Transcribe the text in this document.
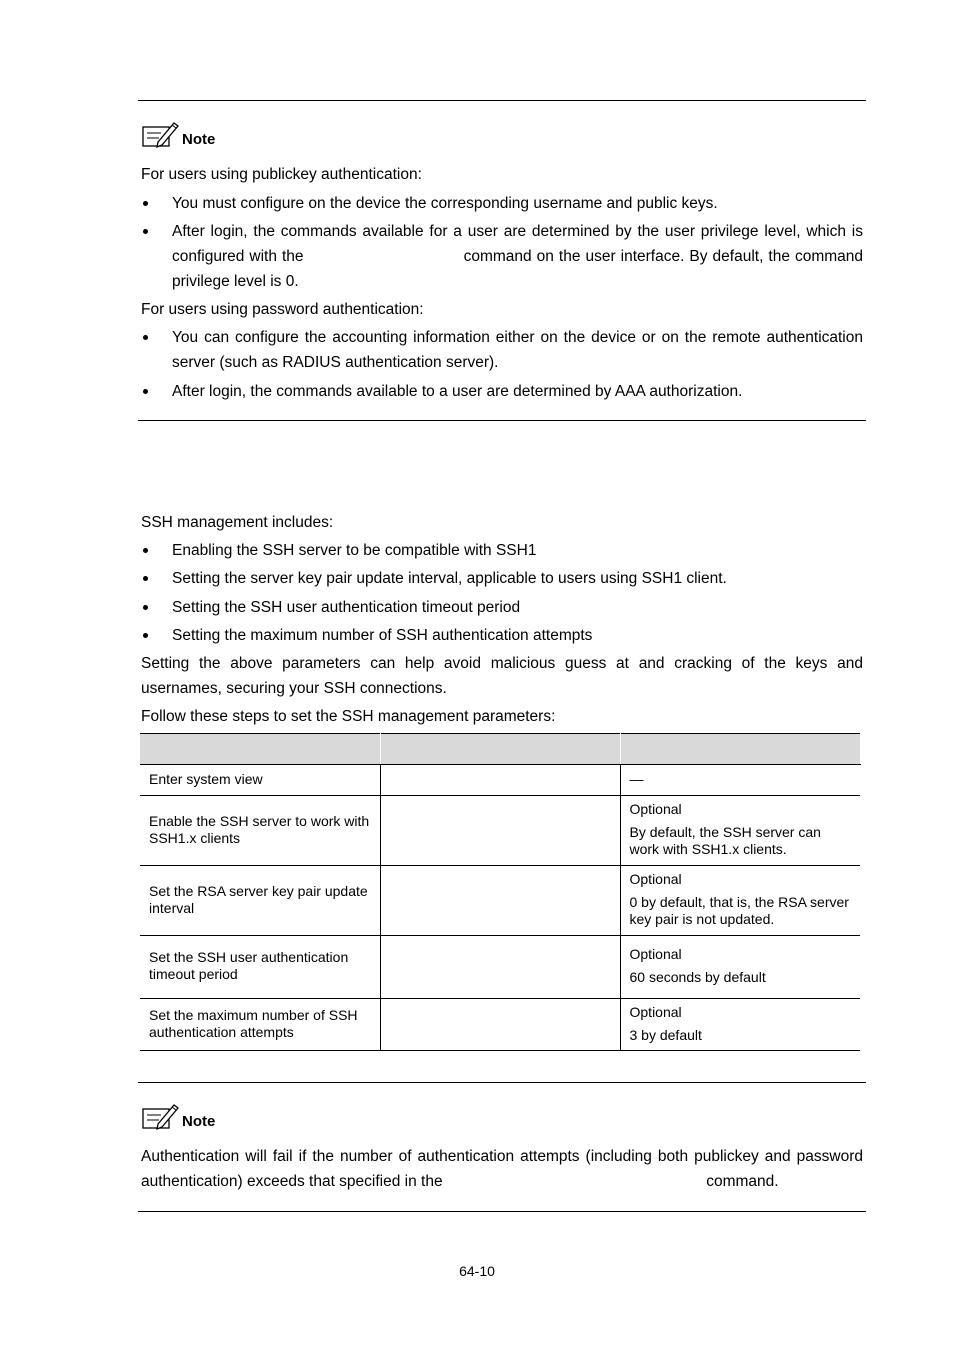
Note

For users using publickey authentication:

You must configure on the device the corresponding username and public keys.
After login, the commands available for a user are determined by the user privilege level, which is configured with the	command on the user interface. By default, the command privilege level is 0.

For users using password authentication:

You can configure the accounting information either on the device or on the remote authentication server (such as RADIUS authentication server).
After login, the commands available to a user are determined by AAA authorization.

SSH management includes:

Enabling the SSH server to be compatible with SSH1
Setting the server key pair update interval, applicable to users using SSH1 client.
Setting the SSH user authentication timeout period
Setting the maximum number of SSH authentication attempts

Setting the above parameters can help avoid malicious guess at and cracking of the keys and usernames, securing your SSH connections.

Follow these steps to set the SSH management parameters:

Enter system view		—
Enable the SSH server to work with SSH1.x clients		Optional
By default, the SSH server can work with SSH1.x clients.

Set the RSA server key pair update interval		Optional
0 by default, that is, the RSA server key pair is not updated.

Set the SSH user authentication timeout period		Optional
60 seconds by default

Set the maximum number of SSH authentication attempts		Optional
3 by default
Note

Authentication will fail if the number of authentication attempts (including both publickey and password authentication) exceeds that specified in the	command.

64-10
